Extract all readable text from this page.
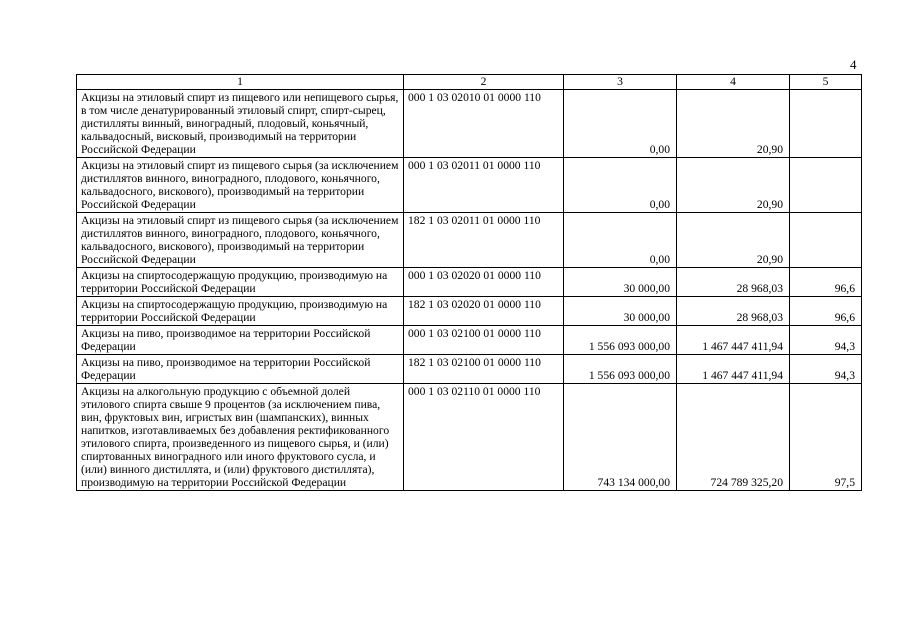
4
1	2	3	4	5
Акцизы на этиловый спирт из пищевого или непищевого сырья, в том числе денатурированный этиловый спирт, спирт-сырец, дистилляты винный, виноградный, плодовый, коньячный, кальвадосный, висковый, производимый на территории Российской Федерации	000 1 03 02010 01 0000 110	0,00	20,90	
Акцизы на этиловый спирт из пищевого сырья (за исключением дистиллятов винного, виноградного, плодового, коньячного, кальвадосного, вискового), производимый на территории Российской Федерации	000 1 03 02011 01 0000 110	0,00	20,90	
Акцизы на этиловый спирт из пищевого сырья (за исключением дистиллятов винного, виноградного, плодового, коньячного, кальвадосного, вискового), производимый на территории Российской Федерации	182 1 03 02011 01 0000 110	0,00	20,90	
Акцизы на спиртосодержащую продукцию, производимую на территории Российской Федерации	000 1 03 02020 01 0000 110	30 000,00	28 968,03	96,6
Акцизы на спиртосодержащую продукцию, производимую на территории Российской Федерации	182 1 03 02020 01 0000 110	30 000,00	28 968,03	96,6
Акцизы на пиво, производимое на территории Российской Федерации	000 1 03 02100 01 0000 110	1 556 093 000,00	1 467 447 411,94	94,3
Акцизы на пиво, производимое на территории Российской Федерации	182 1 03 02100 01 0000 110	1 556 093 000,00	1 467 447 411,94	94,3
Акцизы на алкогольную продукцию с объемной долей этилового спирта свыше 9 процентов (за исключением пива, вин, фруктовых вин, игристых вин (шампанских), винных напитков, изготавливаемых без добавления ректификованного этилового спирта, произведенного из пищевого сырья, и (или) спиртованных виноградного или иного фруктового сусла, и (или) винного дистиллята, и (или) фруктового дистиллята), производимую на территории Российской Федерации	000 1 03 02110 01 0000 110	743 134 000,00	724 789 325,20	97,5
